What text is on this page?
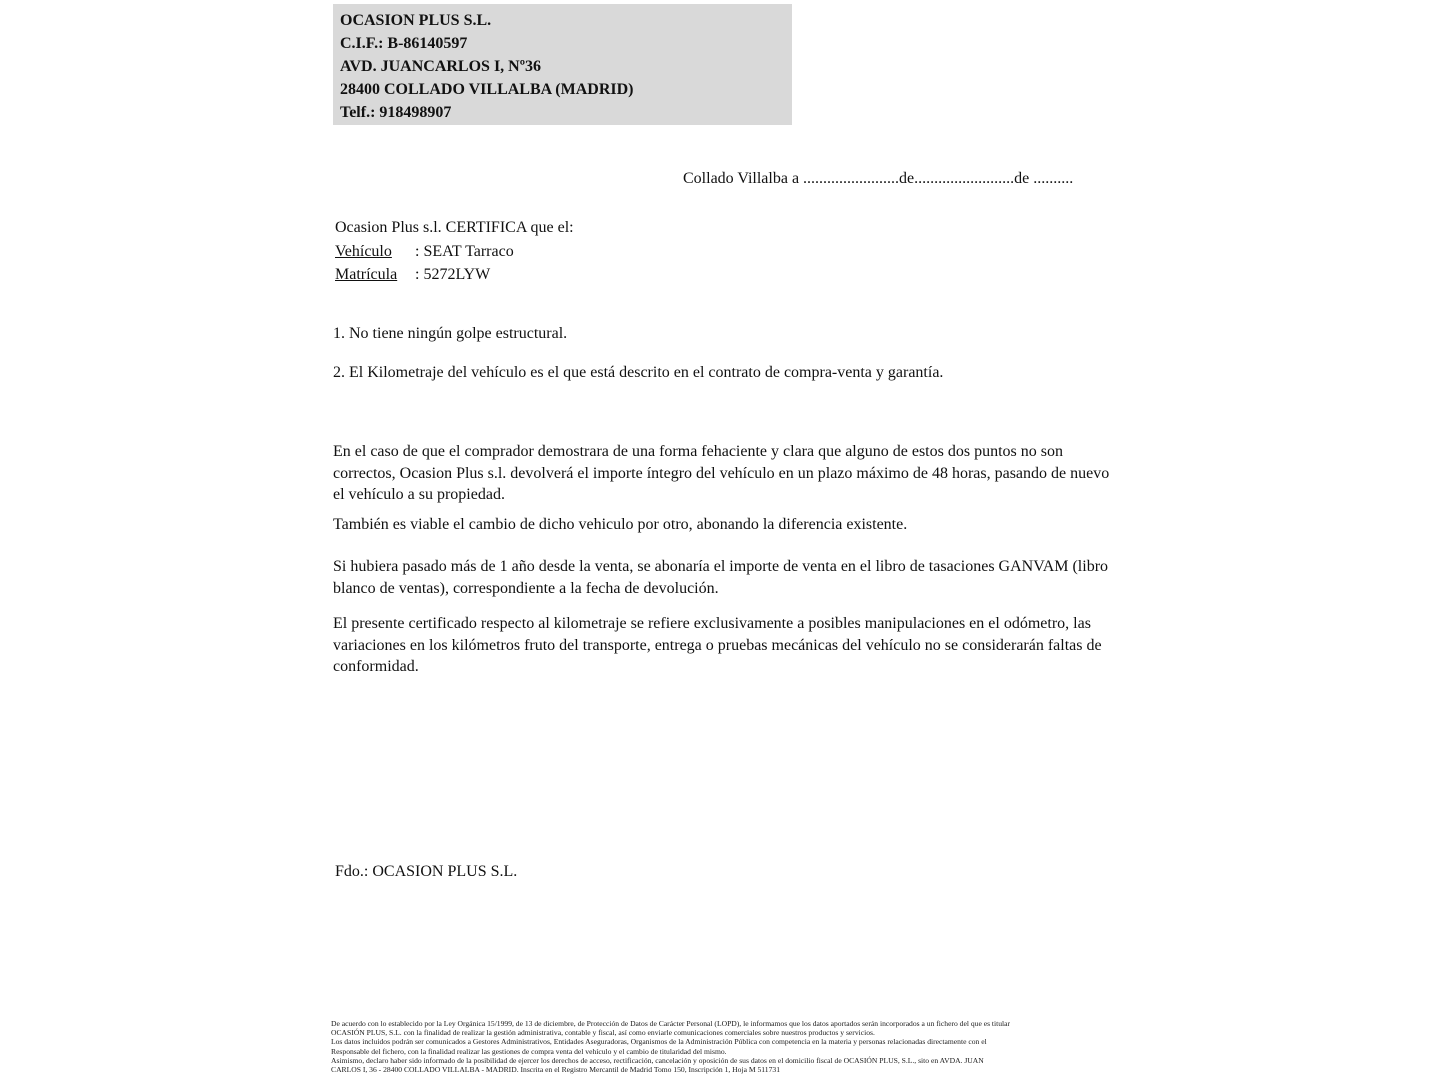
OCASION PLUS S.L.
C.I.F.: B-86140597
AVD. JUANCARLOS I, Nº36
28400 COLLADO VILLALBA (MADRID)
Telf.: 918498907
Collado Villalba a ........................de.........................de ..........
Ocasion Plus s.l. CERTIFICA que el:
Vehículo : SEAT Tarraco
Matrícula : 5272LYW
1. No tiene ningún golpe estructural.
2. El Kilometraje del vehículo es el que está descrito en el contrato de compra-venta y garantía.
En el caso de que el comprador demostrara de una forma fehaciente y clara que alguno de estos dos puntos no son correctos, Ocasion Plus s.l. devolverá el importe íntegro del vehículo en un plazo máximo de 48 horas, pasando de nuevo el vehículo a su propiedad.
También es viable el cambio de dicho vehiculo por otro, abonando la diferencia existente.
Si hubiera pasado más de 1 año desde la venta, se abonaría el importe de venta en el libro de tasaciones GANVAM (libro blanco de ventas), correspondiente a la fecha de devolución.
El presente certificado respecto al kilometraje se refiere exclusivamente a posibles manipulaciones en el odómetro, las variaciones en los kilómetros fruto del transporte, entrega o pruebas mecánicas del vehículo no se considerarán faltas de conformidad.
Fdo.: OCASION PLUS S.L.
De acuerdo con lo establecido por la Ley Orgánica 15/1999, de 13 de diciembre, de Protección de Datos de Carácter Personal (LOPD), le informamos que los datos aportados serán incorporados a un fichero del que es titular
OCASIÓN PLUS, S.L. con la finalidad de realizar la gestión administrativa, contable y fiscal, así como enviarle comunicaciones comerciales sobre nuestros productos y servicios.
Los datos incluidos podrán ser comunicados a Gestores Administrativos, Entidades Aseguradoras, Organismos de la Administración Pública con competencia en la materia y personas relacionadas directamente con el
Responsable del fichero, con la finalidad realizar las gestiones de compra venta del vehículo y el cambio de titularidad del mismo.
Asimismo, declaro haber sido informado de la posibilidad de ejercer los derechos de acceso, rectificación, cancelación y oposición de sus datos en el domicilio fiscal de OCASIÓN PLUS, S.L., sito en AVDA. JUAN
CARLOS I, 36 - 28400 COLLADO VILLALBA - MADRID. Inscrita en el Registro Mercantil de Madrid Tomo 150, Inscripción 1, Hoja M 511731
